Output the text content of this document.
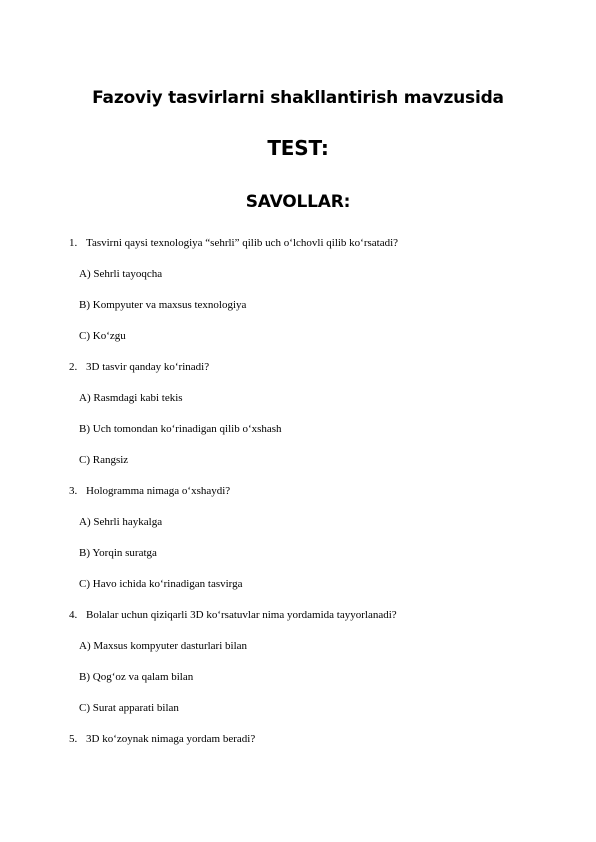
Fazoviy tasvirlarni shakllantirish mavzusida
TEST:
SAVOLLAR:
1. Tasvirni qaysi texnologiya “sehrli” qilib uch o‘lchovli qilib ko‘rsatadi?
A) Sehrli tayoqcha
B) Kompyuter va maxsus texnologiya
C) Ko‘zgu
2. 3D tasvir qanday ko‘rinadi?
A) Rasmdagi kabi tekis
B) Uch tomondan ko‘rinadigan qilib o‘xshash
C) Rangsiz
3. Hologramma nimaga o‘xshaydi?
A) Sehrli haykalga
B) Yorqin suratga
C) Havo ichida ko‘rinadigan tasvirga
4. Bolalar uchun qiziqarli 3D ko‘rsatuvlar nima yordamida tayyorlanadi?
A) Maxsus kompyuter dasturlari bilan
B) Qog‘oz va qalam bilan
C) Surat apparati bilan
5. 3D ko‘zoynak nimaga yordam beradi?
